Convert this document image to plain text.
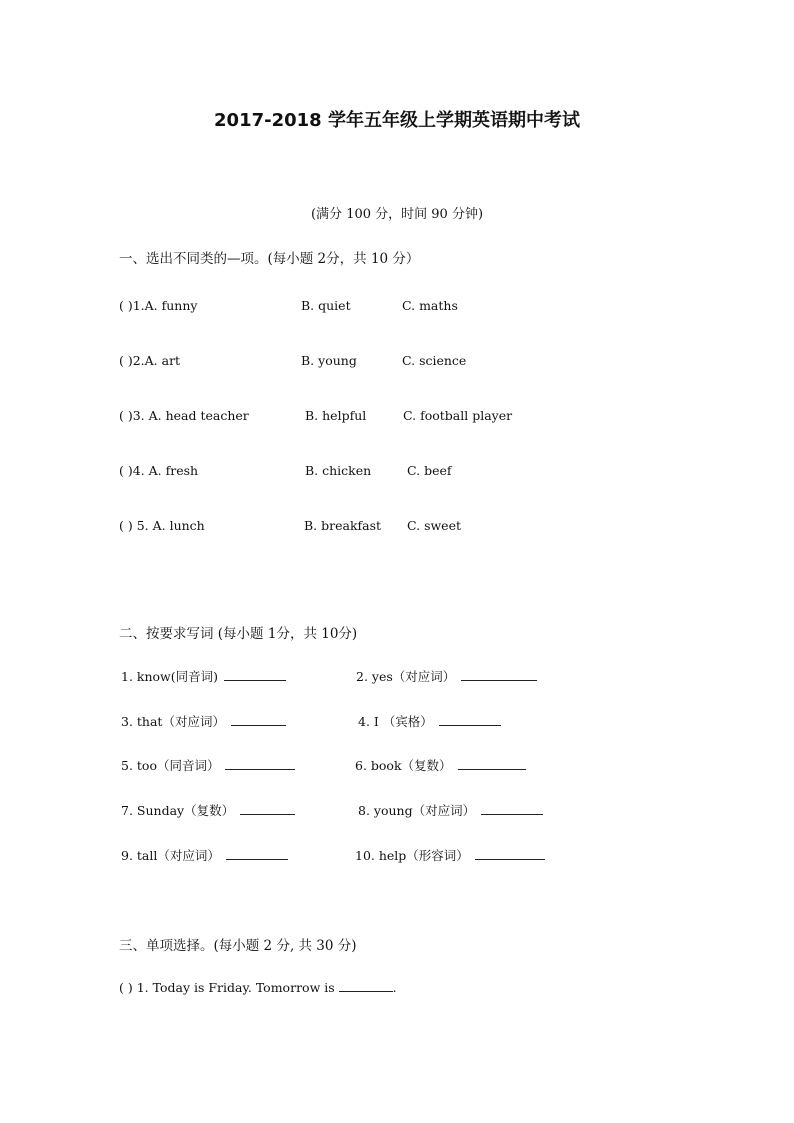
2017-2018 学年五年级上学期英语期中考试
(满分 100 分，时间 90 分钟)
一、选出不同类的—项。(每小题 2分，共 10 分）
( )1.A. funny	B. quiet	C. maths
( )2.A. art	B. young	C. science
( )3. A. head teacher	B. helpful	C. football player
( )4. A. fresh	B. chicken	C. beef
( ) 5. A. lunch	B. breakfast C. sweet
二、按要求写词 (每小题 1分，共 10分)
1. know(同音词)	2. yes（对应词）
3. that（对应词）	4. I （宾格）
5. too（同音词）	6. book（复数）
7. Sunday（复数）	8. young（对应词）
9. tall（对应词）	10. help（形容词）
三、单项选择。(每小题 2 分, 共 30 分)
( ) 1. Today is Friday. Tomorrow is	.
